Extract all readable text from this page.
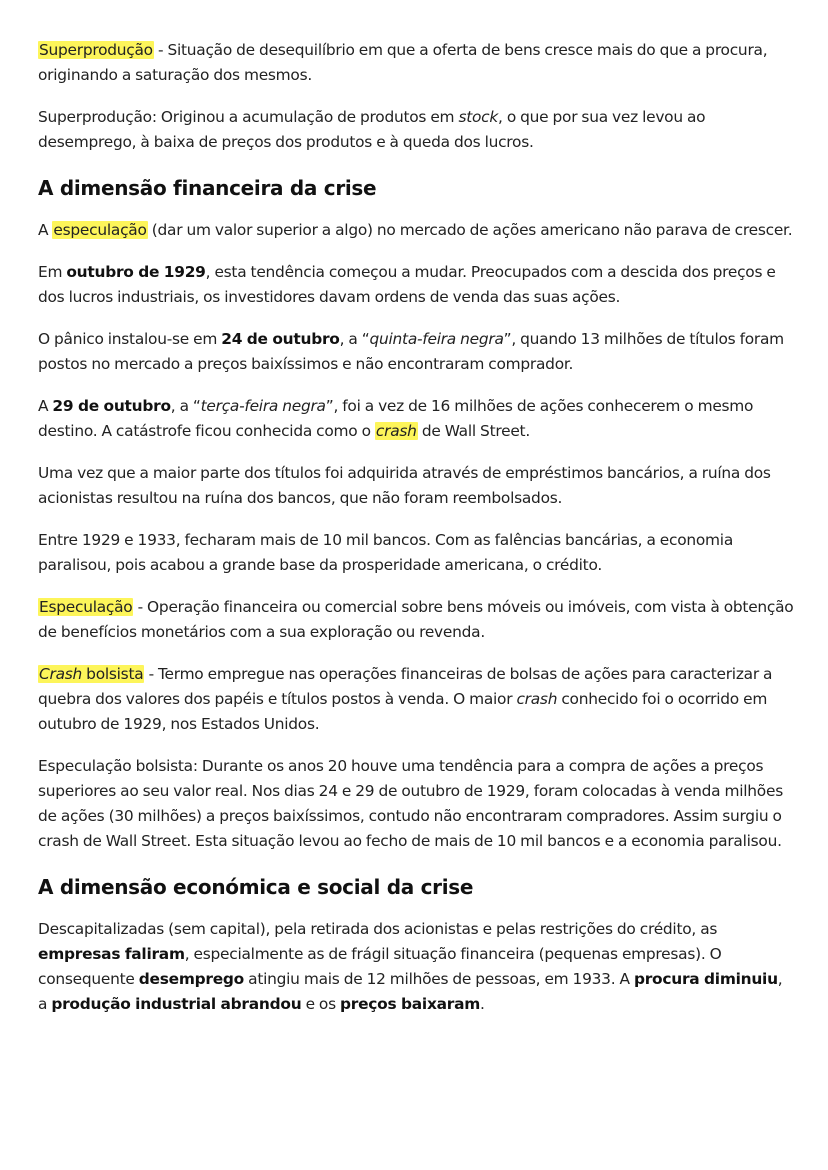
Superprodução - Situação de desequilíbrio em que a oferta de bens cresce mais do que a procura, originando a saturação dos mesmos.

Superprodução: Originou a acumulação de produtos em stock, o que por sua vez levou ao desemprego, à baixa de preços dos produtos e à queda dos lucros.

A dimensão financeira da crise

A especulação (dar um valor superior a algo) no mercado de ações americano não parava de crescer.

Em outubro de 1929, esta tendência começou a mudar. Preocupados com a descida dos preços e dos lucros industriais, os investidores davam ordens de venda das suas ações.

O pânico instalou-se em 24 de outubro, a “quinta-feira negra”, quando 13 milhões de títulos foram postos no mercado a preços baixíssimos e não encontraram comprador.

A 29 de outubro, a “terça-feira negra”, foi a vez de 16 milhões de ações conhecerem o mesmo destino. A catástrofe ficou conhecida como o crash de Wall Street.

Uma vez que a maior parte dos títulos foi adquirida através de empréstimos bancários, a ruína dos acionistas resultou na ruína dos bancos, que não foram reembolsados.

Entre 1929 e 1933, fecharam mais de 10 mil bancos. Com as falências bancárias, a economia paralisou, pois acabou a grande base da prosperidade americana, o crédito.

Especulação - Operação financeira ou comercial sobre bens móveis ou imóveis, com vista à obtenção de benefícios monetários com a sua exploração ou revenda.

Crash bolsista - Termo empregue nas operações financeiras de bolsas de ações para caracterizar a quebra dos valores dos papéis e títulos postos à venda. O maior crash conhecido foi o ocorrido em outubro de 1929, nos Estados Unidos.

Especulação bolsista: Durante os anos 20 houve uma tendência para a compra de ações a preços superiores ao seu valor real. Nos dias 24 e 29 de outubro de 1929, foram colocadas à venda milhões de ações (30 milhões) a preços baixíssimos, contudo não encontraram compradores. Assim surgiu o crash de Wall Street. Esta situação levou ao fecho de mais de 10 mil bancos e a economia paralisou.

A dimensão económica e social da crise

Descapitalizadas (sem capital), pela retirada dos acionistas e pelas restrições do crédito, as empresas faliram, especialmente as de frágil situação financeira (pequenas empresas). O consequente desemprego atingiu mais de 12 milhões de pessoas, em 1933. A procura diminuiu, a produção industrial abrandou e os preços baixaram.
